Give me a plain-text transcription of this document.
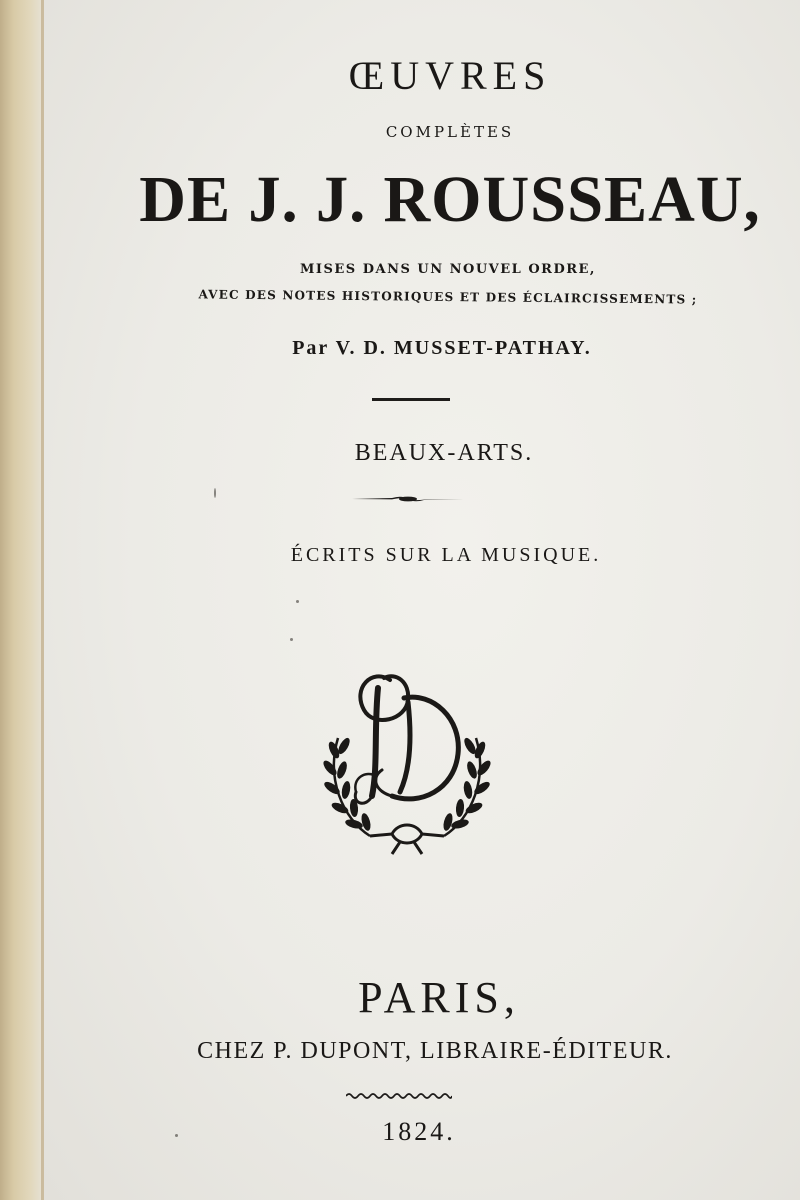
ŒUVRES
COMPLÈTES
DE J. J. ROUSSEAU,
MISES DANS UN NOUVEL ORDRE,
AVEC DES NOTES HISTORIQUES ET DES ÉCLAIRCISSEMENTS ;
Par V. D. MUSSET-PATHAY.
BEAUX-ARTS.
ÉCRITS SUR LA MUSIQUE.
PARIS,
CHEZ P. DUPONT, LIBRAIRE-ÉDITEUR.
1824.
